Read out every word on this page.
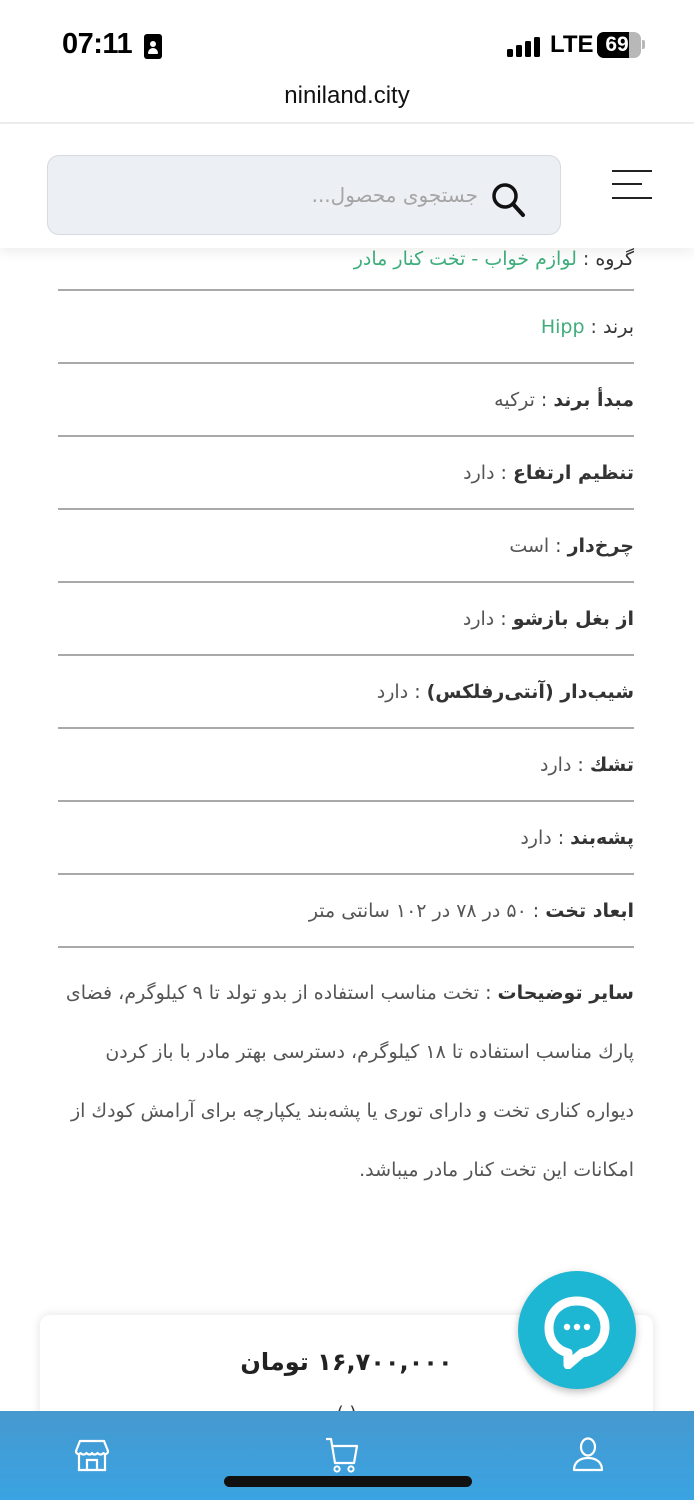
07:11	LTE 69
niniland.city
جستجوی محصول...
گروه:لوازم خواب - تخت کنار مادر
برند:Hipp
مبدأ برند:ترکیه
تنظیم ارتفاع:دارد
چرخ‌دار:است
از بغل بازشو:دارد
شیب‌دار (آنتی‌رفلکس):دارد
تشك:دارد
پشه‌بند:دارد
ابعاد تخت:۵۰ در ۷۸ در ۱۰۲ سانتی متر
سایر توضیحات:تخت مناسب استفاده از بدو تولد تا ۹ کیلوگرم، فضای پارك مناسب استفاده تا ۱۸ کیلوگرم، دسترسی بهتر مادر با باز کردن دیواره کناری تخت و دارای توری یا پشه‌بند یکپارچه برای آرامش کودك از امکانات این تخت کنار مادر میباشد.
۱۶,۷۰۰,۰۰۰ تومان
